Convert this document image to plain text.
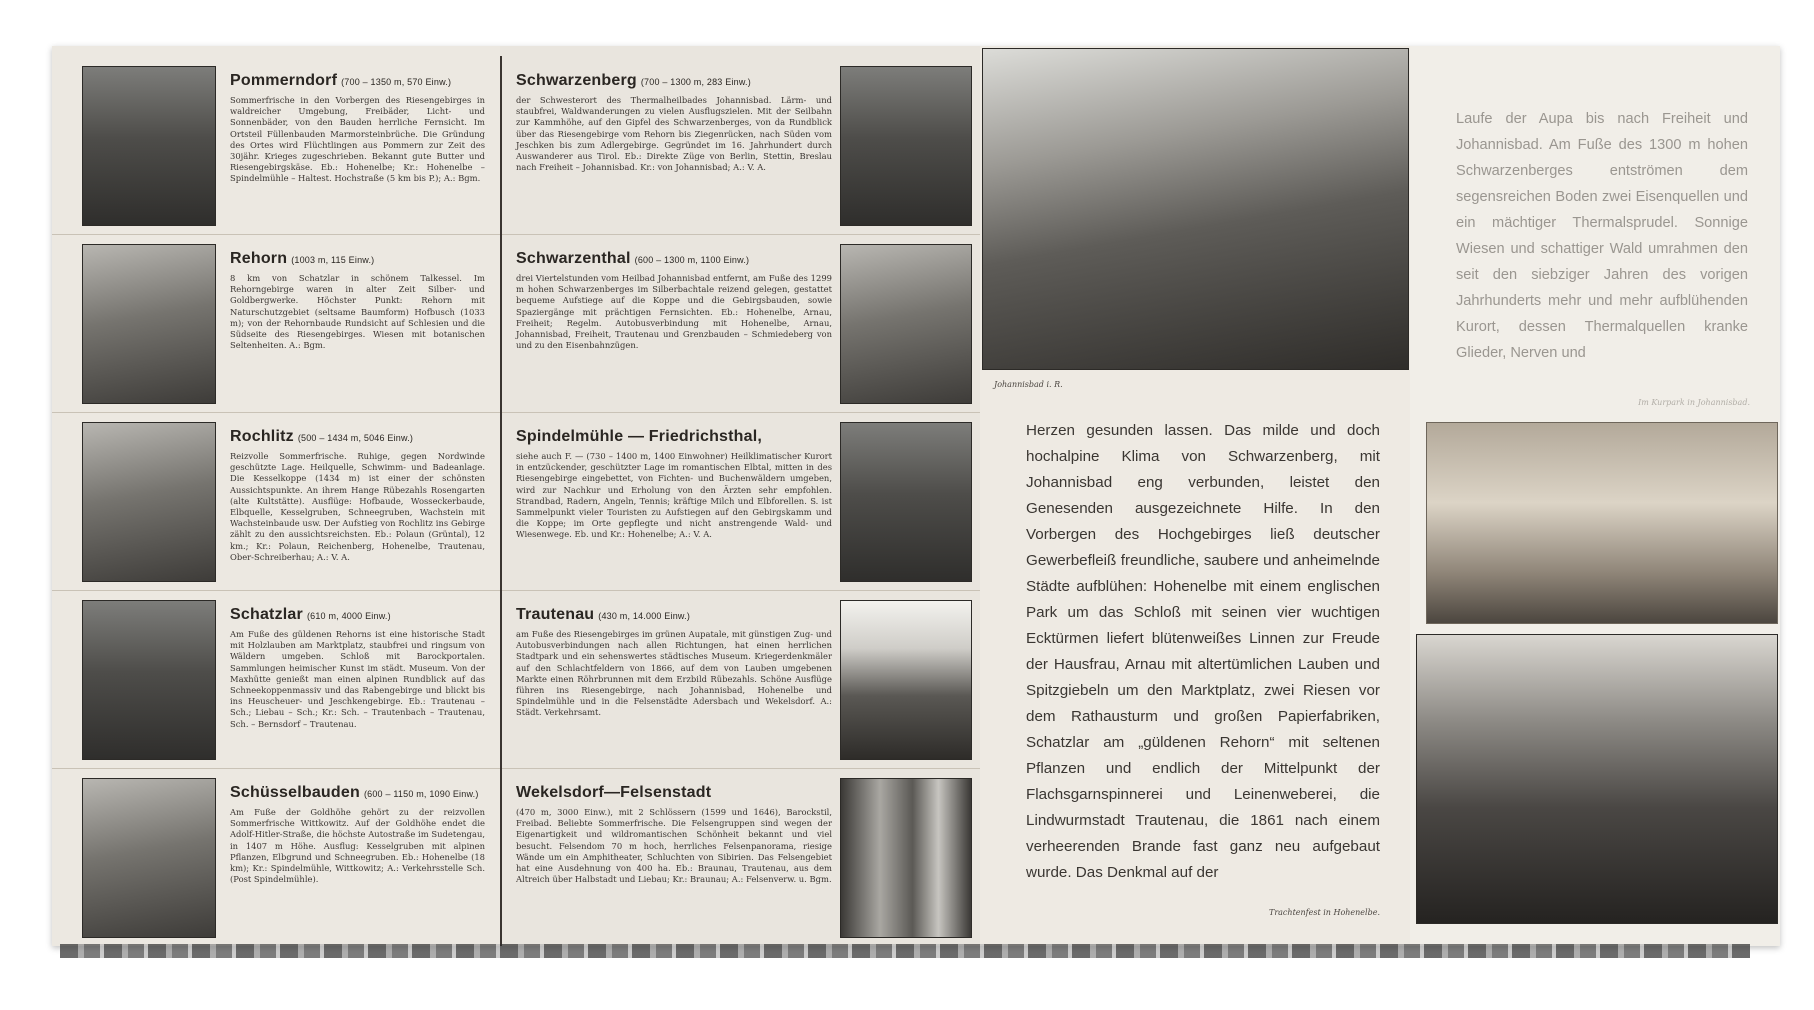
Pommerndorf (700 – 1350 m, 570 Einw.)

Sommerfrische in den Vorbergen des Riesengebirges in waldreicher Umgebung, Freibäder, Licht- und Sonnenbäder, von den Bauden herrliche Fernsicht. Im Ortsteil Füllenbauden Marmorsteinbrüche. Die Gründung des Ortes wird Flüchtlingen aus Pommern zur Zeit des 30jähr. Krieges zugeschrieben. Bekannt gute Butter und Riesengebirgskäse. Eb.: Hohenelbe; Kr.: Hohenelbe – Spindelmühle – Haltest. Hochstraße (5 km bis P.); A.: Bgm.

Rehorn (1003 m, 115 Einw.)

8 km von Schatzlar in schönem Talkessel. Im Rehorngebirge waren in alter Zeit Silber- und Goldbergwerke. Höchster Punkt: Rehorn mit Naturschutzgebiet (seltsame Baumform) Hofbusch (1033 m); von der Rehornbaude Rundsicht auf Schlesien und die Südseite des Riesengebirges. Wiesen mit botanischen Seltenheiten. A.: Bgm.

Rochlitz (500 – 1434 m, 5046 Einw.)

Reizvolle Sommerfrische. Ruhige, gegen Nordwinde geschützte Lage. Heilquelle, Schwimm- und Badeanlage. Die Kesselkoppe (1434 m) ist einer der schönsten Aussichtspunkte. An ihrem Hange Rübezahls Rosengarten (alte Kultstätte). Ausflüge: Hofbaude, Wosseckerbaude, Elbquelle, Kesselgruben, Schneegruben, Wachstein mit Wachsteinbaude usw. Der Aufstieg von Rochlitz ins Gebirge zählt zu den aussichtsreichsten. Eb.: Polaun (Grüntal), 12 km.; Kr.: Polaun, Reichenberg, Hohenelbe, Trautenau, Ober-Schreiberhau; A.: V. A.

Schatzlar (610 m, 4000 Einw.)

Am Fuße des güldenen Rehorns ist eine historische Stadt mit Holzlauben am Marktplatz, staubfrei und ringsum von Wäldern umgeben. Schloß mit Barockportalen. Sammlungen heimischer Kunst im städt. Museum. Von der Maxhütte genießt man einen alpinen Rundblick auf das Schneekoppenmassiv und das Rabengebirge und blickt bis ins Heuscheuer- und Jeschkengebirge. Eb.: Trautenau – Sch.; Liebau – Sch.; Kr.: Sch. – Trautenbach – Trautenau, Sch. – Bernsdorf – Trautenau.

Schüsselbauden (600 – 1150 m, 1090 Einw.)

Am Fuße der Goldhöhe gehört zu der reizvollen Sommerfrische Wittkowitz. Auf der Goldhöhe endet die Adolf-Hitler-Straße, die höchste Autostraße im Sudetengau, in 1407 m Höhe. Ausflug: Kesselgruben mit alpinen Pflanzen, Elbgrund und Schneegruben. Eb.: Hohenelbe (18 km); Kr.: Spindelmühle, Wittkowitz; A.: Verkehrsstelle Sch. (Post Spindelmühle).

Schwarzenberg (700 – 1300 m, 283 Einw.)

der Schwesterort des Thermalheilbades Johannisbad. Lärm- und staubfrei, Waldwanderungen zu vielen Ausflugszielen. Mit der Seilbahn zur Kammhöhe, auf den Gipfel des Schwarzenberges, von da Rundblick über das Riesengebirge vom Rehorn bis Ziegenrücken, nach Süden vom Jeschken bis zum Adlergebirge. Gegründet im 16. Jahrhundert durch Auswanderer aus Tirol. Eb.: Direkte Züge von Berlin, Stettin, Breslau nach Freiheit – Johannisbad. Kr.: von Johannisbad; A.: V. A.

Schwarzenthal (600 – 1300 m, 1100 Einw.)

drei Viertelstunden vom Heilbad Johannisbad entfernt, am Fuße des 1299 m hohen Schwarzenberges im Silberbachtale reizend gelegen, gestattet bequeme Aufstiege auf die Koppe und die Gebirgsbauden, sowie Spaziergänge mit prächtigen Fernsichten. Eb.: Hohenelbe, Arnau, Freiheit; Regelm. Autobusverbindung mit Hohenelbe, Arnau, Johannisbad, Freiheit, Trautenau und Grenzbauden – Schmiedeberg von und zu den Eisenbahnzügen.

Spindelmühle — Friedrichsthal,

siehe auch F. — (730 – 1400 m, 1400 Einwohner) Heilklimatischer Kurort in entzückender, geschützter Lage im romantischen Elbtal, mitten in des Riesengebirge eingebettet, von Fichten- und Buchenwäldern umgeben, wird zur Nachkur und Erholung von den Ärzten sehr empfohlen. Strandbad, Radern, Angeln, Tennis; kräftige Milch und Elbforellen. S. ist Sammelpunkt vieler Touristen zu Aufstiegen auf den Gebirgskamm und die Koppe; im Orte gepflegte und nicht anstrengende Wald- und Wiesenwege. Eb. und Kr.: Hohenelbe; A.: V. A.

Trautenau (430 m, 14.000 Einw.)

am Fuße des Riesengebirges im grünen Aupatale, mit günstigen Zug- und Autobusverbindungen nach allen Richtungen, hat einen herrlichen Stadtpark und ein sehenswertes städtisches Museum. Kriegerdenkmäler auf den Schlachtfeldern von 1866, auf dem von Lauben umgebenen Markte einen Röhrbrunnen mit dem Erzbild Rübezahls. Schöne Ausflüge führen ins Riesengebirge, nach Johannisbad, Hohenelbe und Spindelmühle und in die Felsenstädte Adersbach und Wekelsdorf. A.: Städt. Verkehrsamt.

Wekelsdorf—Felsenstadt

(470 m, 3000 Einw.), mit 2 Schlössern (1599 und 1646), Barockstil, Freibad. Beliebte Sommerfrische. Die Felsengruppen sind wegen der Eigenartigkeit und wildromantischen Schönheit bekannt und viel besucht. Felsendom 70 m hoch, herrliches Felsenpanorama, riesige Wände um ein Amphitheater, Schluchten von Sibirien. Das Felsengebiet hat eine Ausdehnung von 400 ha. Eb.: Braunau, Trautenau, aus dem Altreich über Halbstadt und Liebau; Kr.: Braunau; A.: Felsenverw. u. Bgm.

Johannisbad i. R.

Herzen gesunden lassen. Das milde und doch hochalpine Klima von Schwarzenberg, mit Johannisbad eng verbunden, leistet den Genesenden ausgezeichnete Hilfe. In den Vorbergen des Hochgebirges ließ deutscher Gewerbefleiß freundliche, saubere und anheimelnde Städte aufblühen: Hohenelbe mit einem englischen Park um das Schloß mit seinen vier wuchtigen Ecktürmen liefert blütenweißes Linnen zur Freude der Hausfrau, Arnau mit altertümlichen Lauben und Spitzgiebeln um den Marktplatz, zwei Riesen vor dem Rathausturm und großen Papierfabriken, Schatzlar am „güldenen Rehorn“ mit seltenen Pflanzen und endlich der Mittelpunkt der Flachsgarnspinnerei und Leinenweberei, die Lindwurmstadt Trautenau, die 1861 nach einem verheerenden Brande fast ganz neu aufgebaut wurde. Das Denkmal auf der

Trachtenfest in Hohenelbe.

Laufe der Aupa bis nach Freiheit und Johannisbad. Am Fuße des 1300 m hohen Schwarzenberges entströmen dem segensreichen Boden zwei Eisenquellen und ein mächtiger Thermalsprudel. Sonnige Wiesen und schattiger Wald umrahmen den seit den siebziger Jahren des vorigen Jahrhunderts mehr und mehr aufblühenden Kurort, dessen Thermalquellen kranke Glieder, Nerven und

Im Kurpark in Johannisbad.
